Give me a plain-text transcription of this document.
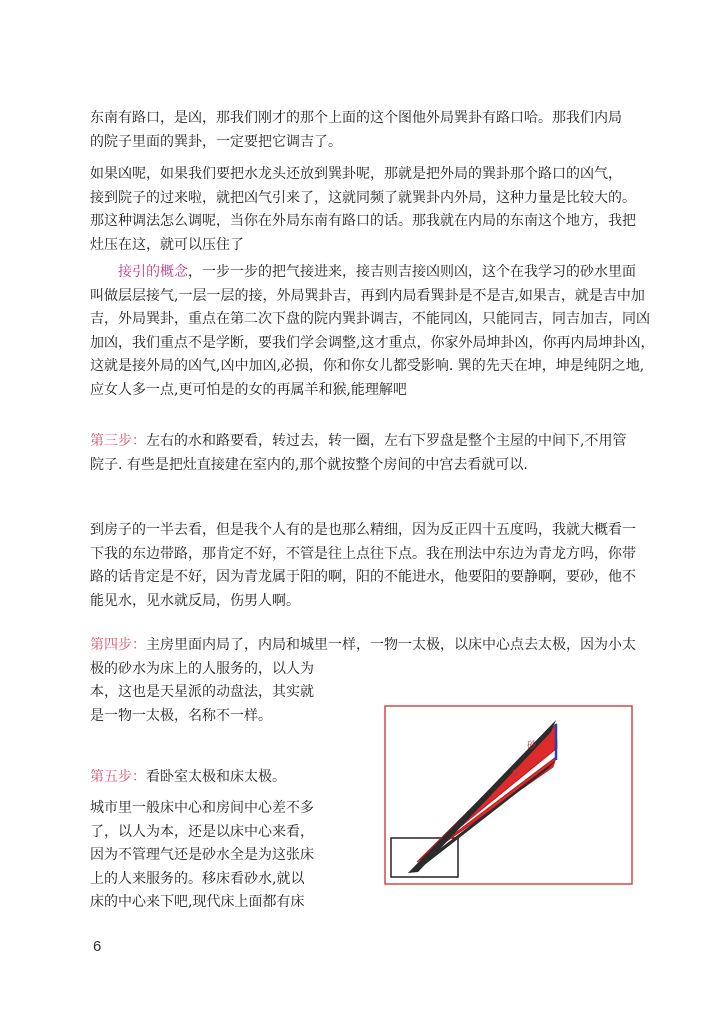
东南有路口，是凶，那我们刚才的那个上面的这个图他外局巽卦有路口哈。那我们内局
的院子里面的巽卦，一定要把它调吉了。

如果凶呢，如果我们要把水龙头还放到巽卦呢，那就是把外局的巽卦那个路口的凶气，
接到院子的过来啦，就把凶气引来了，这就同频了就巽卦内外局，这种力量是比较大的。
那这种调法怎么调呢，当你在外局东南有路口的话。那我就在内局的东南这个地方，我把
灶压在这，就可以压住了

接引的概念，一步一步的把气接进来，接吉则吉接凶则凶，这个在我学习的砂水里面
叫做层层接气,一层一层的接，外局巽卦吉，再到内局看巽卦是不是吉,如果吉，就是吉中加
吉，外局巽卦，重点在第二次下盘的院内巽卦调吉，不能同凶，只能同吉，同吉加吉，同凶
加凶，我们重点不是学断，要我们学会调整,这才重点，你家外局坤卦凶，你再内局坤卦凶，
这就是接外局的凶气,凶中加凶,必损，你和你女儿都受影响. 巽的先天在坤，坤是纯阴之地,
应女人多一点,更可怕是的女的再属羊和猴,能理解吧

第三步：左右的水和路要看，转过去，转一圈，左右下罗盘是整个主屋的中间下,不用管
院子. 有些是把灶直接建在室内的,那个就按整个房间的中宫去看就可以.

到房子的一半去看，但是我个人有的是也那么精细，因为反正四十五度吗，我就大概看一
下我的东边带路，那肯定不好，不管是往上点往下点。我在刑法中东边为青龙方吗，你带
路的话肯定是不好，因为青龙属于阳的啊，阳的不能进水，他要阳的要静啊，要砂，他不
能见水，见水就反局，伤男人啊。

第四步：主房里面内局了，内局和城里一样，一物一太极，以床中心点去太极，因为小太
极的砂水为床上的人服务的，以人为
本，这也是天星派的动盘法，其实就
是一物一太极，名称不一样。

第五步：看卧室太极和床太极。

城市里一般床中心和房间中心差不多
了，以人为本，还是以床中心来看，
因为不管理气还是砂水全是为这张床
上的人来服务的。移床看砂水,就以
床的中心来下吧,现代床上面都有床

砂
0
6
